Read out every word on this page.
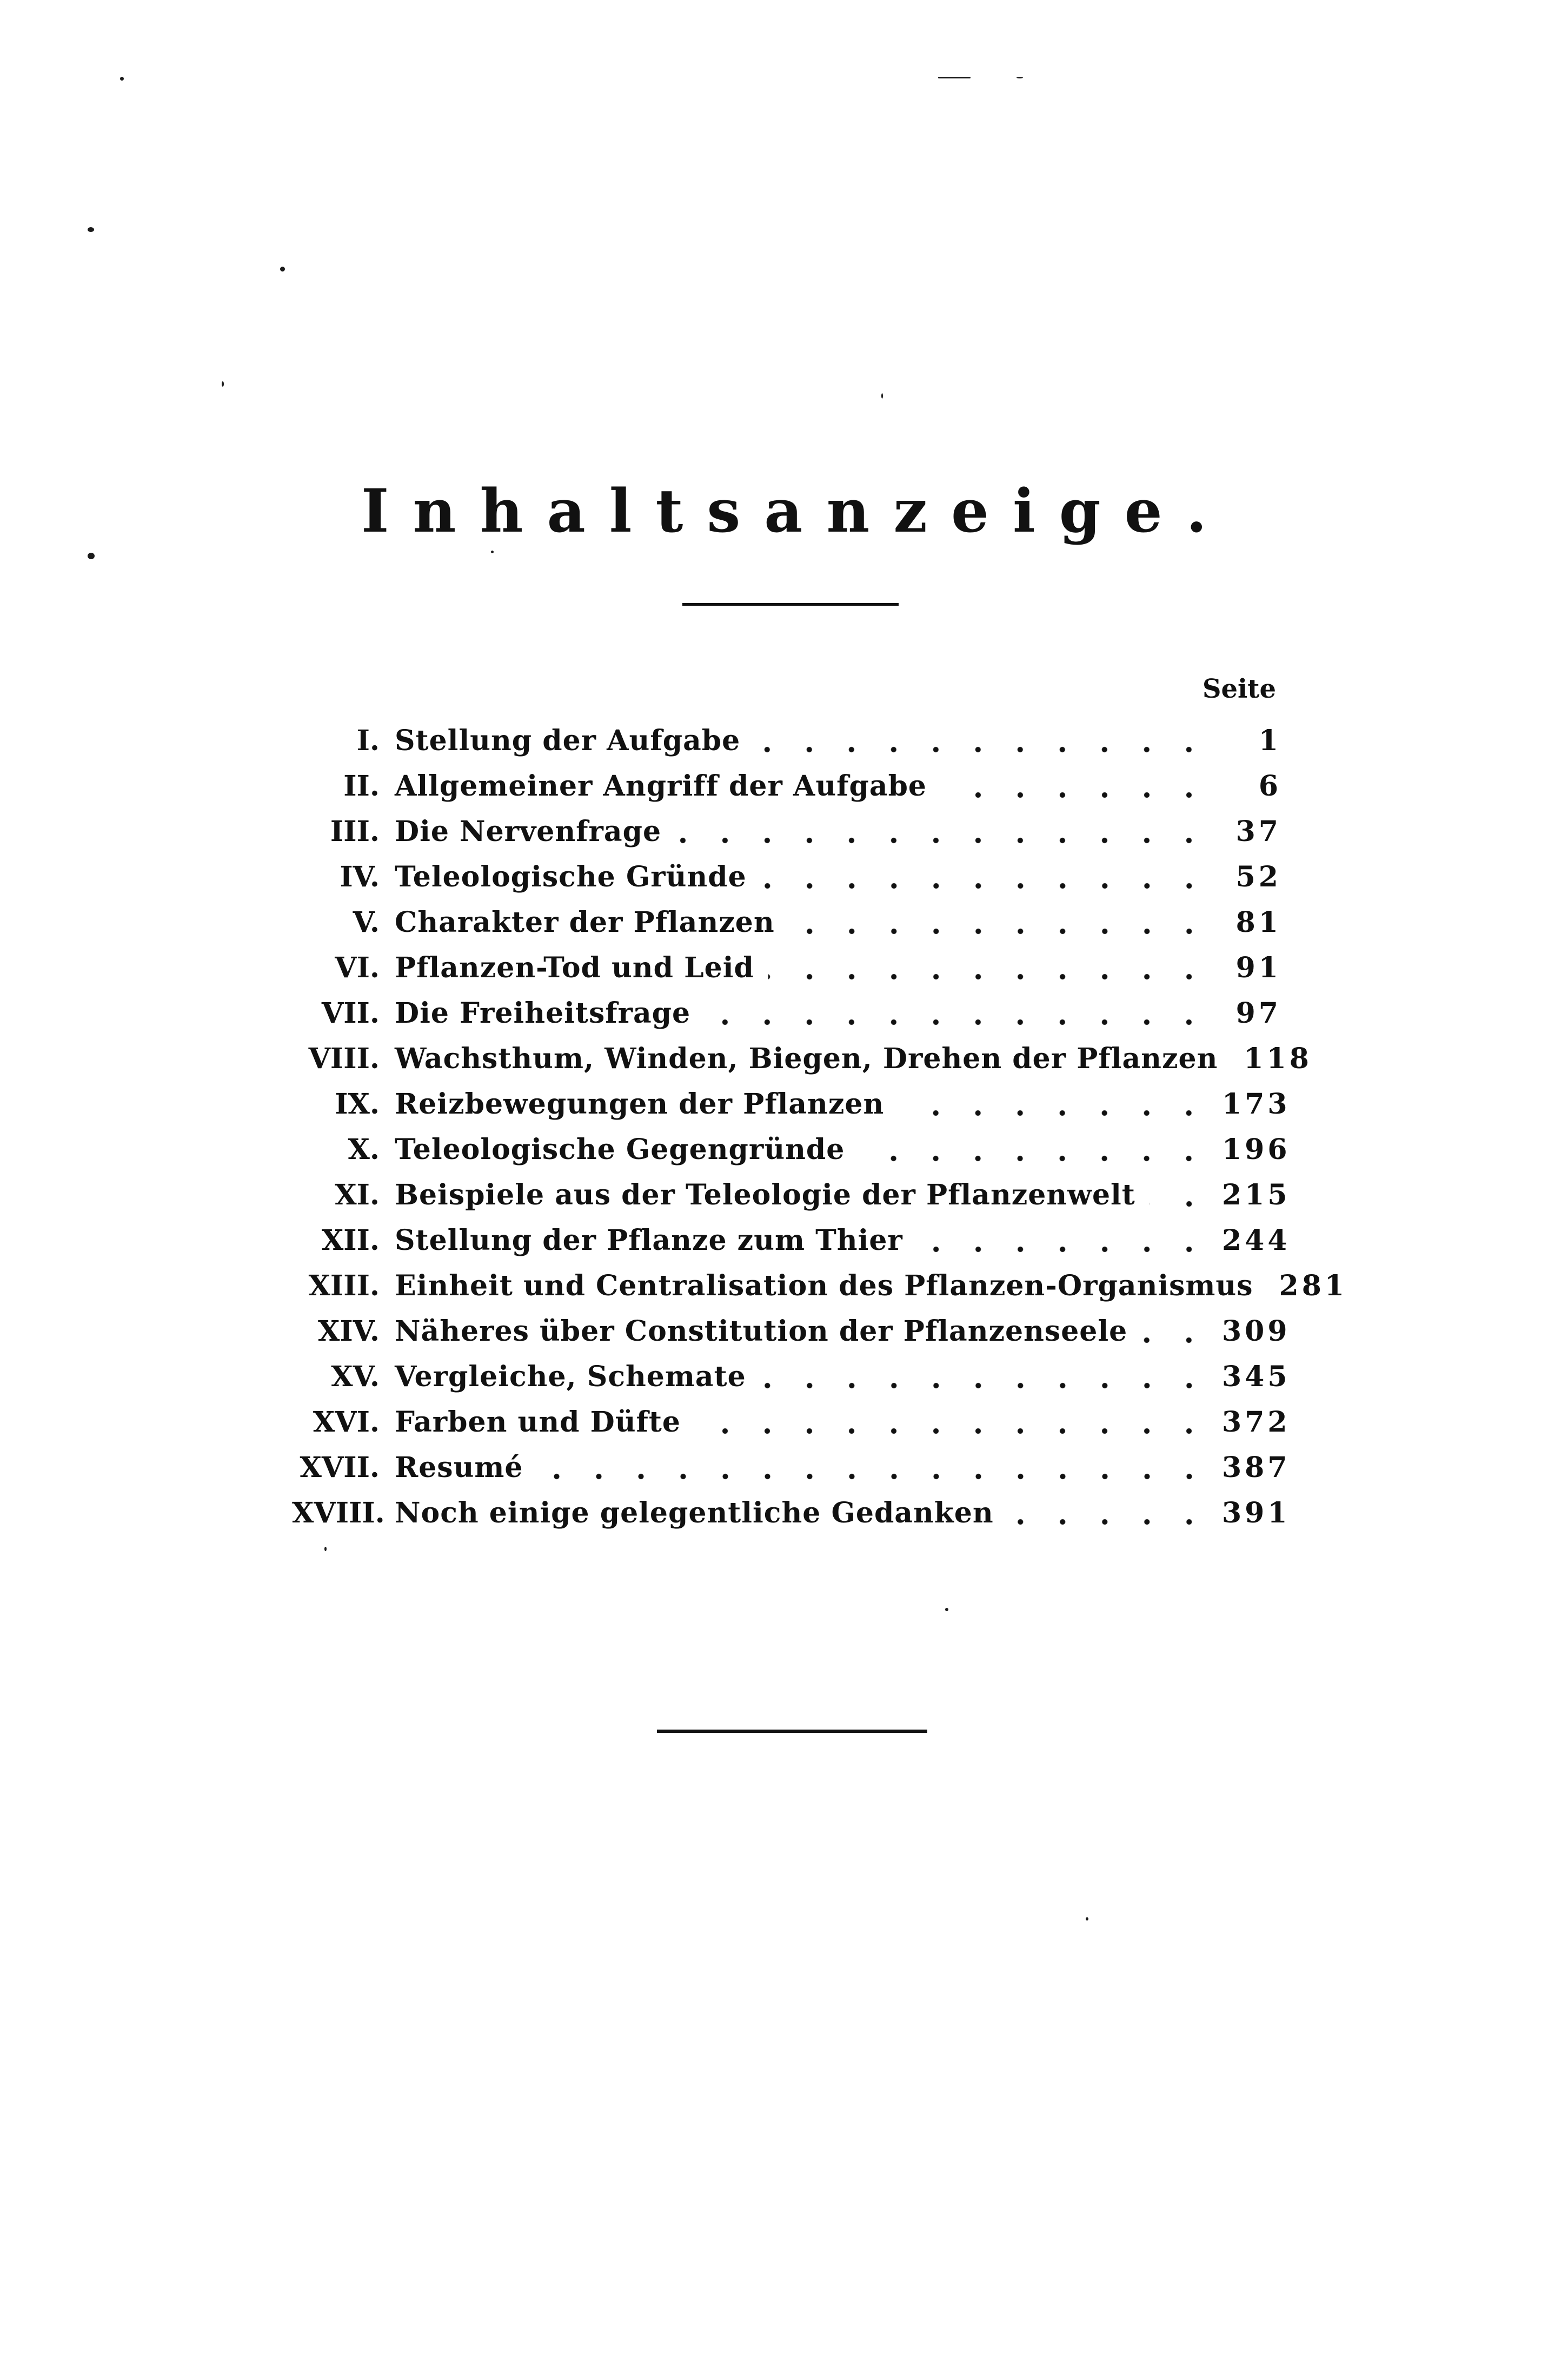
Inhaltsanzeige.
Seite
I. Stellung der Aufgabe	1
II. Allgemeiner Angriff der Aufgabe	6
III. Die Nervenfrage	37
IV. Teleologische Gründe	52
V. Charakter der Pflanzen	81
VI. Pflanzen-Tod und Leid	91
VII. Die Freiheitsfrage	97
VIII. Wachsthum, Winden, Biegen, Drehen der Pflanzen 118
IX. Reizbewegungen der Pflanzen	173
X. Teleologische Gegengründe	196
XI. Beispiele aus der Teleologie der Pflanzenwelt	215
XII. Stellung der Pflanze zum Thier	244
XIII. Einheit und Centralisation des Pflanzen-Organismus 281
XIV. Näheres über Constitution der Pflanzenseele	309
XV. Vergleiche, Schemate	345
XVI. Farben und Düfte	372
XVII. Resumé	387
XVIII. Noch einige gelegentliche Gedanken	391
